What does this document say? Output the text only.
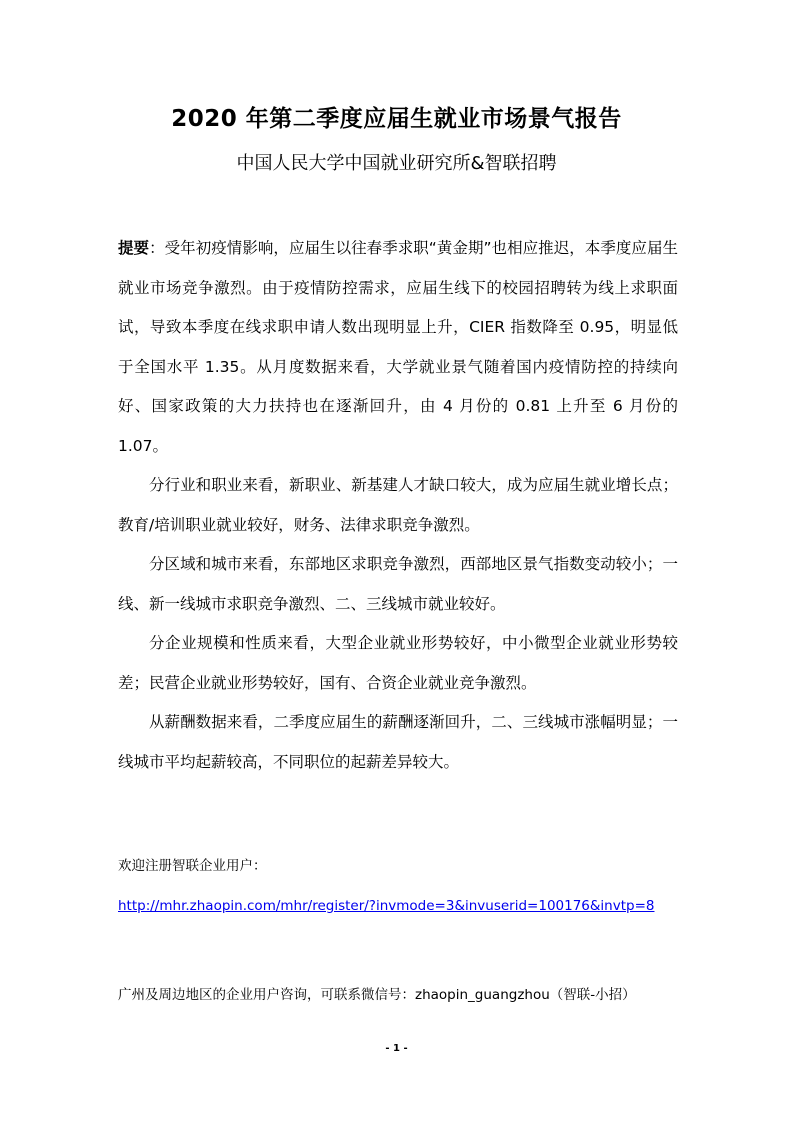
2020 年第二季度应届生就业市场景气报告
中国人民大学中国就业研究所&智联招聘

提要：受年初疫情影响，应届生以往春季求职“黄金期”也相应推迟，本季度应届生就业市场竞争激烈。由于疫情防控需求，应届生线下的校园招聘转为线上求职面试，导致本季度在线求职申请人数出现明显上升，CIER 指数降至 0.95，明显低于全国水平 1.35。从月度数据来看，大学就业景气随着国内疫情防控的持续向好、国家政策的大力扶持也在逐渐回升，由 4 月份的 0.81 上升至 6 月份的 1.07。

分行业和职业来看，新职业、新基建人才缺口较大，成为应届生就业增长点；教育/培训职业就业较好，财务、法律求职竞争激烈。

分区域和城市来看，东部地区求职竞争激烈，西部地区景气指数变动较小；一线、新一线城市求职竞争激烈、二、三线城市就业较好。

分企业规模和性质来看，大型企业就业形势较好，中小微型企业就业形势较差；民营企业就业形势较好，国有、合资企业就业竞争激烈。

从薪酬数据来看，二季度应届生的薪酬逐渐回升，二、三线城市涨幅明显；一线城市平均起薪较高，不同职位的起薪差异较大。

欢迎注册智联企业用户：
http://mhr.zhaopin.com/mhr/register/?invmode=3&invuserid=100176&invtp=8
广州及周边地区的企业用户咨询，可联系微信号：zhaopin_guangzhou（智联-小招）
- 1 -
